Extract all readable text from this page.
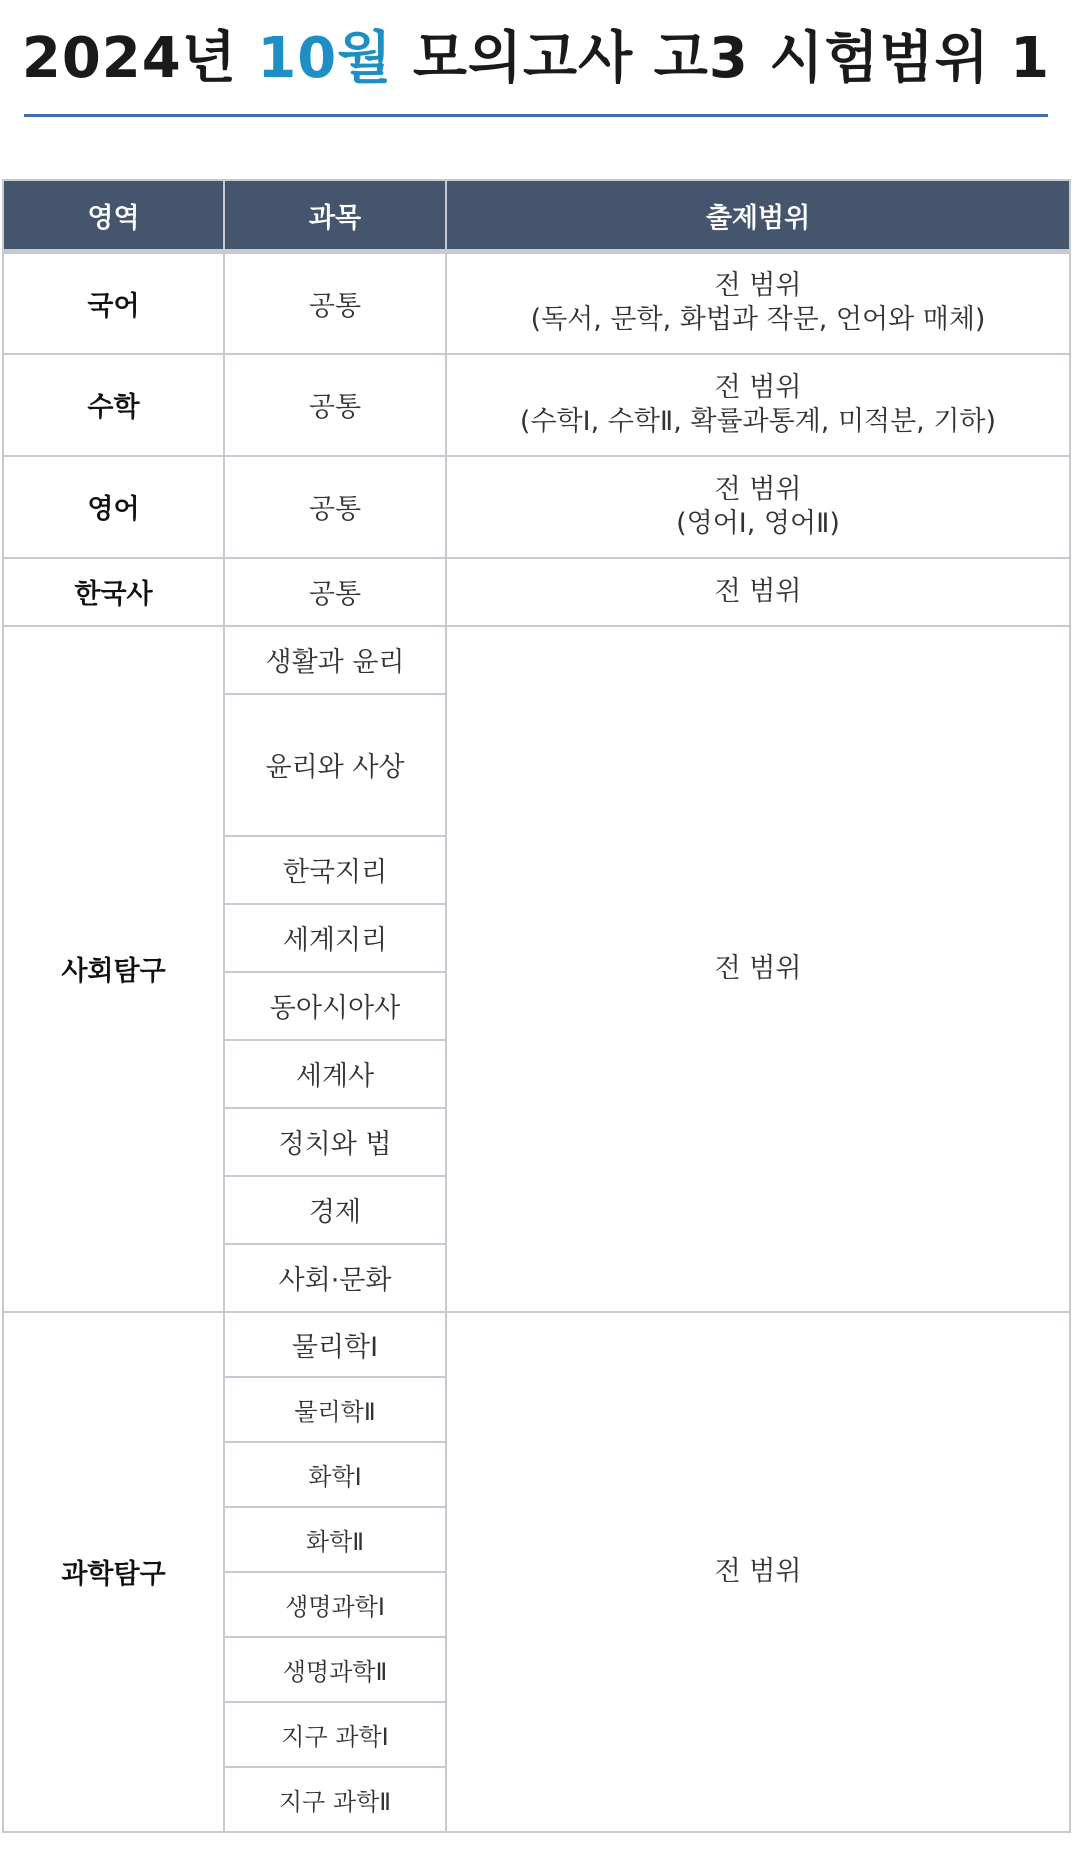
2024년 10월 모의고사 고3 시험범위 1
영역	과목	출제범위
국어	공통	전 범위
(독서, 문학, 화법과 작문, 언어와 매체)

수학	공통	전 범위
(수학Ⅰ, 수학Ⅱ, 확률과통계, 미적분, 기하)

영어	공통	전 범위
(영어Ⅰ, 영어Ⅱ)

한국사	공통	전 범위
사회탐구	생활과 윤리	전 범위
	윤리와 사상	
	한국지리	
	세계지리	
	동아시아사	
	세계사	
	정치와 법	
	경제	
	사회·문화	
과학탐구	물리학Ⅰ	전 범위
	물리학Ⅱ	
	화학Ⅰ	
	화학Ⅱ	
	생명과학Ⅰ	
	생명과학Ⅱ	
	지구 과학Ⅰ	
	지구 과학Ⅱ	
